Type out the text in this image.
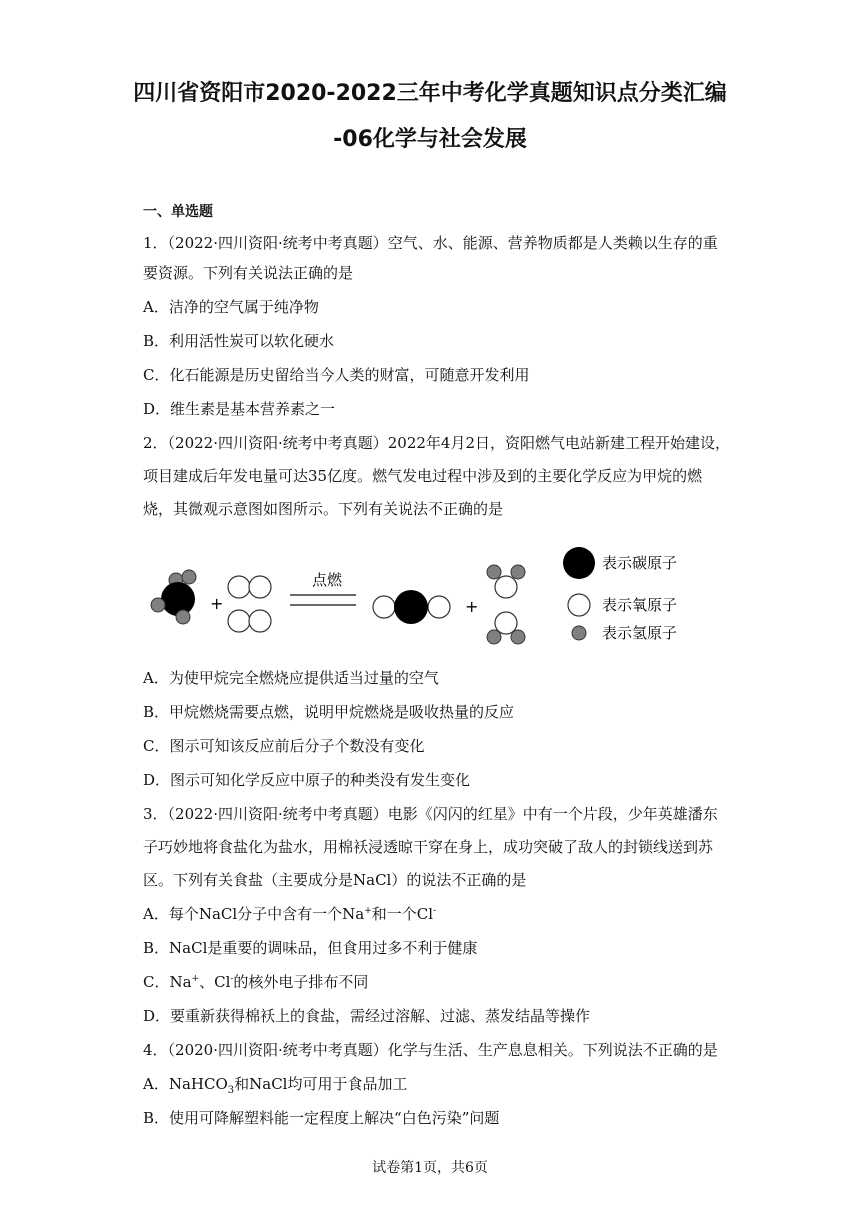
四川省资阳市2020-2022三年中考化学真题知识点分类汇编
-06化学与社会发展
一、单选题
1．（2022·四川资阳·统考中考真题）空气、水、能源、营养物质都是人类赖以生存的重
要资源。下列有关说法正确的是
A．洁净的空气属于纯净物
B．利用活性炭可以软化硬水
C．化石能源是历史留给当今人类的财富，可随意开发利用
D．维生素是基本营养素之一
2．（2022·四川资阳·统考中考真题）2022年4月2日，资阳燃气电站新建工程开始建设，
项目建成后年发电量可达35亿度。燃气发电过程中涉及到的主要化学反应为甲烷的燃
烧，其微观示意图如图所示。下列有关说法不正确的是
+
点燃
+
表示碳原子
表示氧原子
表示氢原子
A．为使甲烷完全燃烧应提供适当过量的空气
B．甲烷燃烧需要点燃，说明甲烷燃烧是吸收热量的反应
C．图示可知该反应前后分子个数没有变化
D．图示可知化学反应中原子的种类没有发生变化
3．（2022·四川资阳·统考中考真题）电影《闪闪的红星》中有一个片段，少年英雄潘东
子巧妙地将食盐化为盐水，用棉袄浸透晾干穿在身上，成功突破了敌人的封锁线送到苏
区。下列有关食盐（主要成分是NaCl）的说法不正确的是
A．每个NaCl分子中含有一个Na+和一个Cl-
B．NaCl是重要的调味品，但食用过多不利于健康
C．Na+、Cl-的核外电子排布不同
D．要重新获得棉袄上的食盐，需经过溶解、过滤、蒸发结晶等操作
4．（2020·四川资阳·统考中考真题）化学与生活、生产息息相关。下列说法不正确的是
A．NaHCO$_3$和NaCl均可用于食品加工
B．使用可降解塑料能一定程度上解决“白色污染”问题
试卷第1页，共6页
